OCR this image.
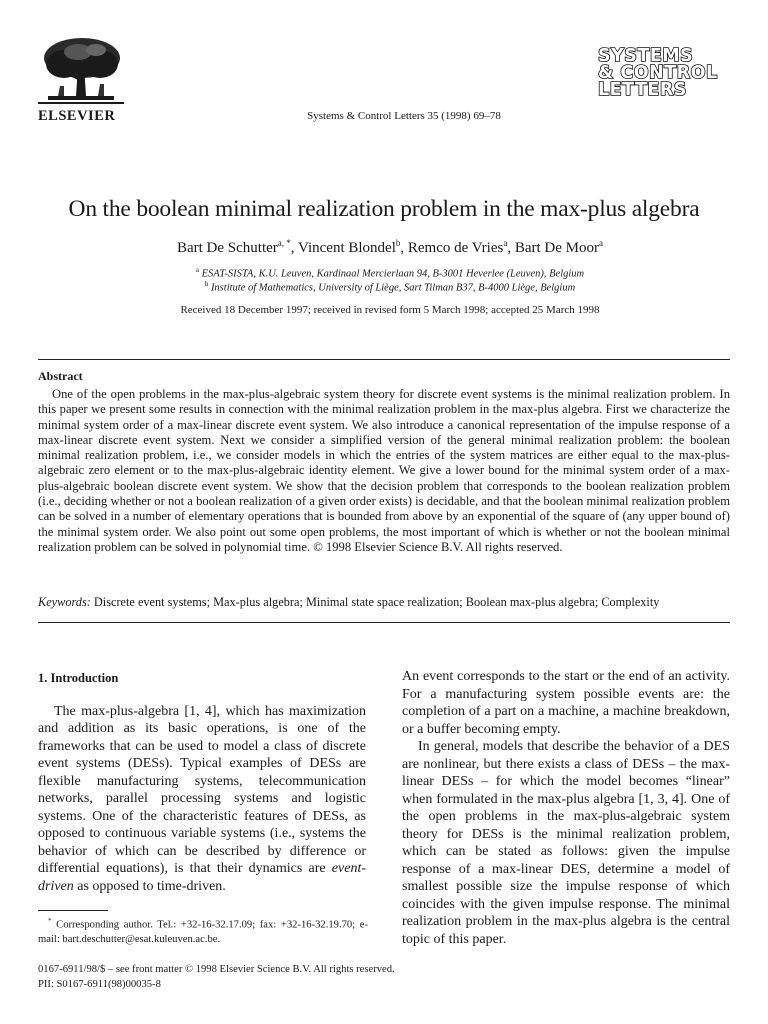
ELSEVIER	Systems & Control Letters 35 (1998) 69–78
SYSTEMS
& CONTROL
LETTERS
On the boolean minimal realization problem in the max-plus algebra
Bart De Schutter$^{a, *}$, Vincent Blondel$^b$, Remco de Vries$^a$, Bart De Moor$^a$
$^a$ ESAT-SISTA, K.U. Leuven, Kardinaal Mercierlaan 94, B-3001 Heverlee (Leuven), Belgium
$^b$ Institute of Mathematics, University of Liège, Sart Tilman B37, B-4000 Liège, Belgium
Received 18 December 1997; received in revised form 5 March 1998; accepted 25 March 1998
Abstract
One of the open problems in the max-plus-algebraic system theory for discrete event systems is the minimal realization problem. In this paper we present some results in connection with the minimal realization problem in the max-plus algebra. First we characterize the minimal system order of a max-linear discrete event system. We also introduce a canonical representation of the impulse response of a max-linear discrete event system. Next we consider a simplified version of the general minimal realization problem: the boolean minimal realization problem, i.e., we consider models in which the entries of the system matrices are either equal to the max-plus-algebraic zero element or to the max-plus-algebraic identity element. We give a lower bound for the minimal system order of a max-plus-algebraic boolean discrete event system. We show that the decision problem that corresponds to the boolean realization problem (i.e., deciding whether or not a boolean realization of a given order exists) is decidable, and that the boolean minimal realization problem can be solved in a number of elementary operations that is bounded from above by an exponential of the square of (any upper bound of) the minimal system order. We also point out some open problems, the most important of which is whether or not the boolean minimal realization problem can be solved in polynomial time. © 1998 Elsevier Science B.V. All rights reserved.
Keywords: Discrete event systems; Max-plus algebra; Minimal state space realization; Boolean max-plus algebra; Complexity
1. Introduction

The max-plus-algebra [1, 4], which has maximization and addition as its basic operations, is one of the frameworks that can be used to model a class of discrete event systems (DESs). Typical examples of DESs are flexible manufacturing systems, telecommunication networks, parallel processing systems and logistic systems. One of the characteristic features of DESs, as opposed to continuous variable systems (i.e., systems the behavior of which can be described by difference or differential equations), is that their dynamics are event-driven as opposed to time-driven.

* Corresponding author. Tel.: +32-16-32.17.09; fax: +32-16-32.19.70; e-mail: bart.deschutter@esat.kuleuven.ac.be.

An event corresponds to the start or the end of an activity. For a manufacturing system possible events are: the completion of a part on a machine, a machine breakdown, or a buffer becoming empty.

In general, models that describe the behavior of a DES are nonlinear, but there exists a class of DESs – the max-linear DESs – for which the model becomes “linear” when formulated in the max-plus algebra [1, 3, 4]. One of the open problems in the max-plus-algebraic system theory for DESs is the minimal realization problem, which can be stated as follows: given the impulse response of a max-linear DES, determine a model of smallest possible size the impulse response of which coincides with the given impulse response. The minimal realization problem in the max-plus algebra is the central topic of this paper.

0167-6911/98/$ – see front matter © 1998 Elsevier Science B.V. All rights reserved.
PII: S0167-6911(98)00035-8
